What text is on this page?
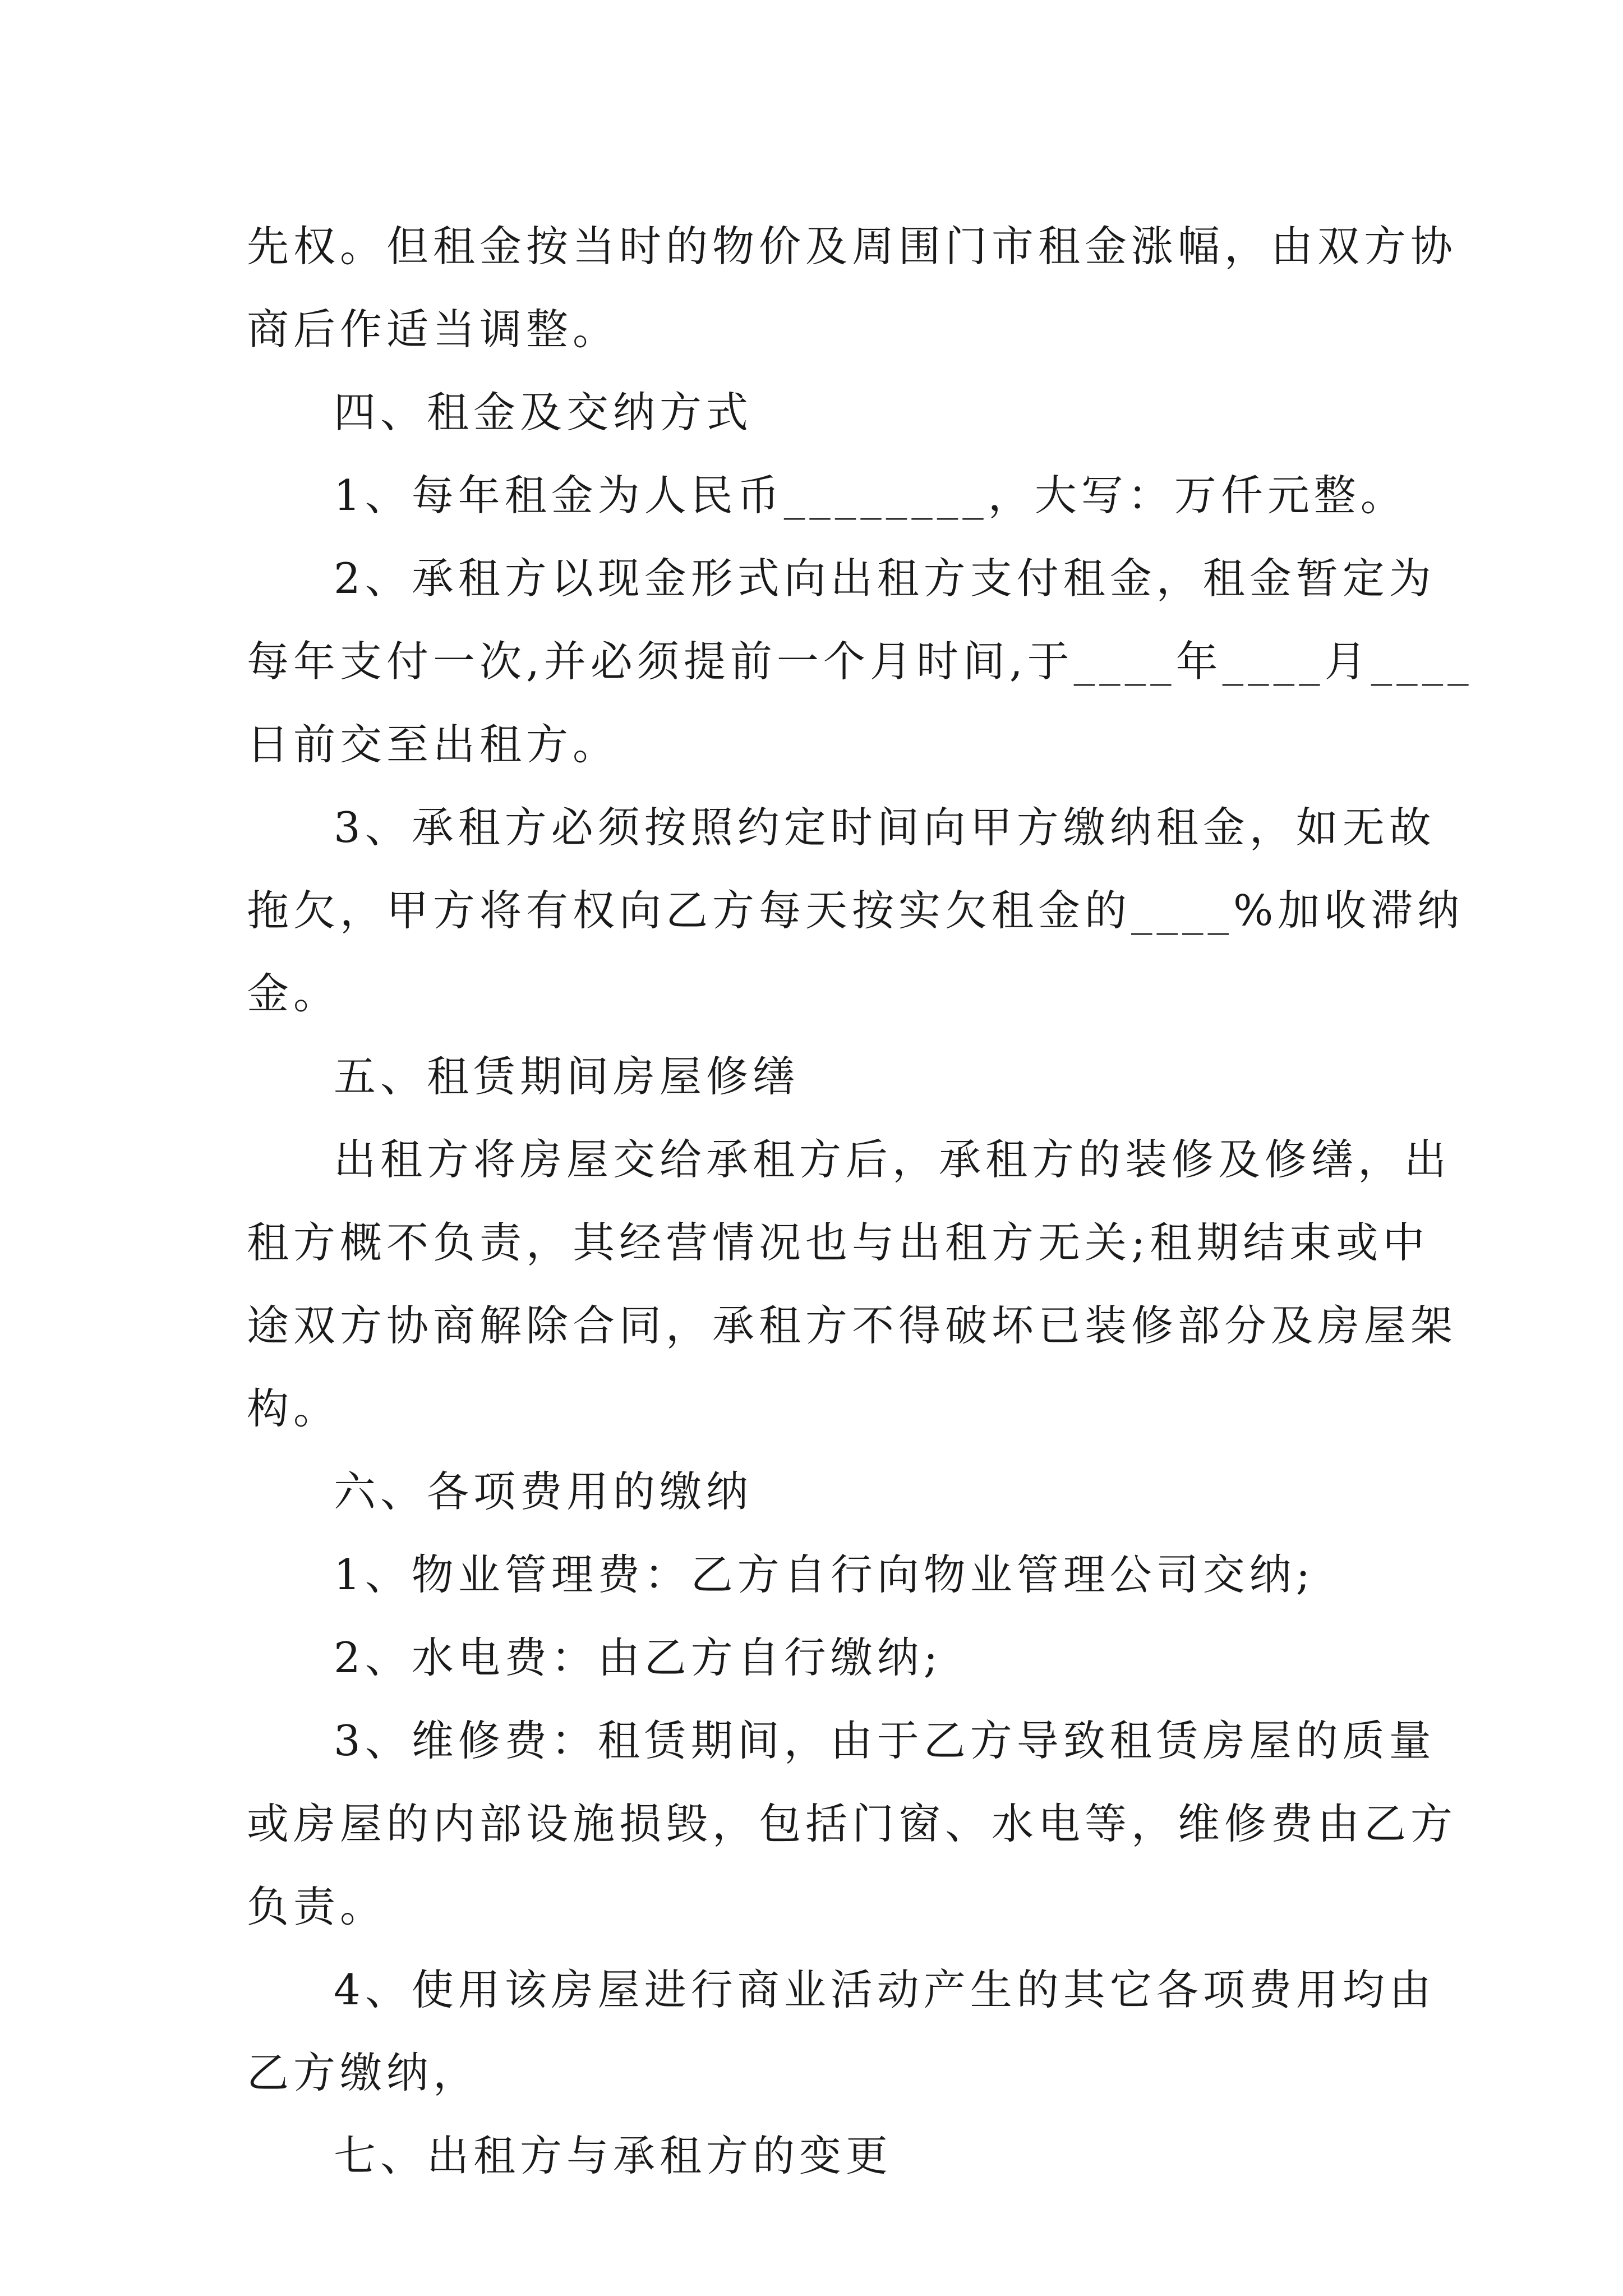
先权。但租金按当时的物价及周围门市租金涨幅，由双方协
商后作适当调整。
四、租金及交纳方式
1、每年租金为人民币________，大写：万仟元整。
2、承租方以现金形式向出租方支付租金，租金暂定为
每年支付一次,并必须提前一个月时间,于____年____月____
日前交至出租方。
3、承租方必须按照约定时间向甲方缴纳租金，如无故
拖欠，甲方将有权向乙方每天按实欠租金的____%加收滞纳
金。
五、租赁期间房屋修缮
出租方将房屋交给承租方后，承租方的装修及修缮，出
租方概不负责，其经营情况也与出租方无关;租期结束或中
途双方协商解除合同，承租方不得破坏已装修部分及房屋架
构。
六、各项费用的缴纳
1、物业管理费：乙方自行向物业管理公司交纳;
2、水电费：由乙方自行缴纳;
3、维修费：租赁期间，由于乙方导致租赁房屋的质量
或房屋的内部设施损毁，包括门窗、水电等，维修费由乙方
负责。
4、使用该房屋进行商业活动产生的其它各项费用均由
乙方缴纳，
七、出租方与承租方的变更
